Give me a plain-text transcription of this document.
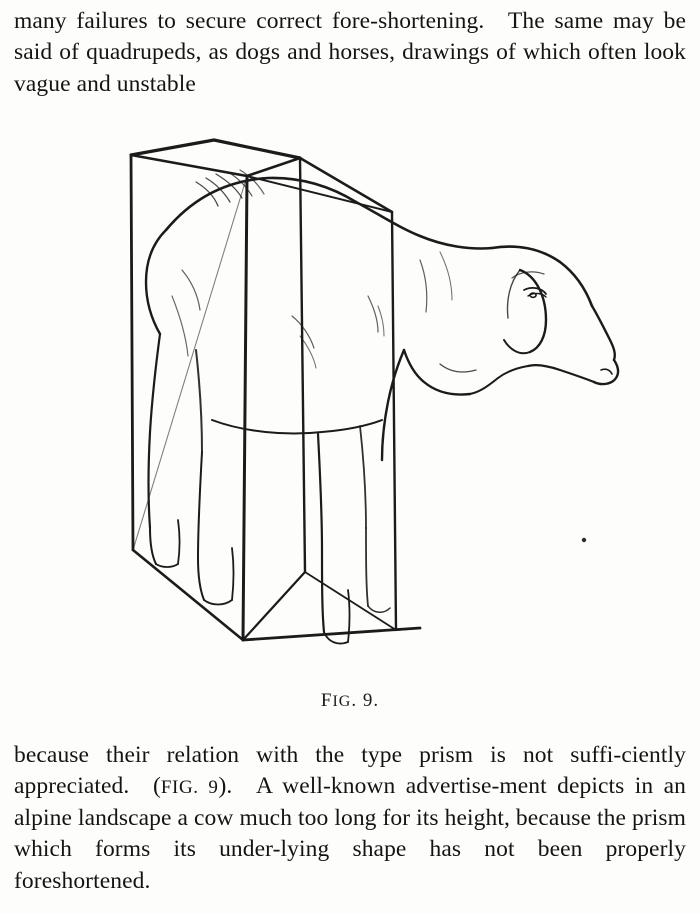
many failures to secure correct fore-shortening. The same may be said of quadrupeds, as dogs and horses, drawings of which often look vague and unstable

FIG. 9.

because their relation with the type prism is not suffi-ciently appreciated. (FIG. 9). A well-known advertise-ment depicts in an alpine landscape a cow much too long for its height, because the prism which forms its under-lying shape has not been properly foreshortened.
